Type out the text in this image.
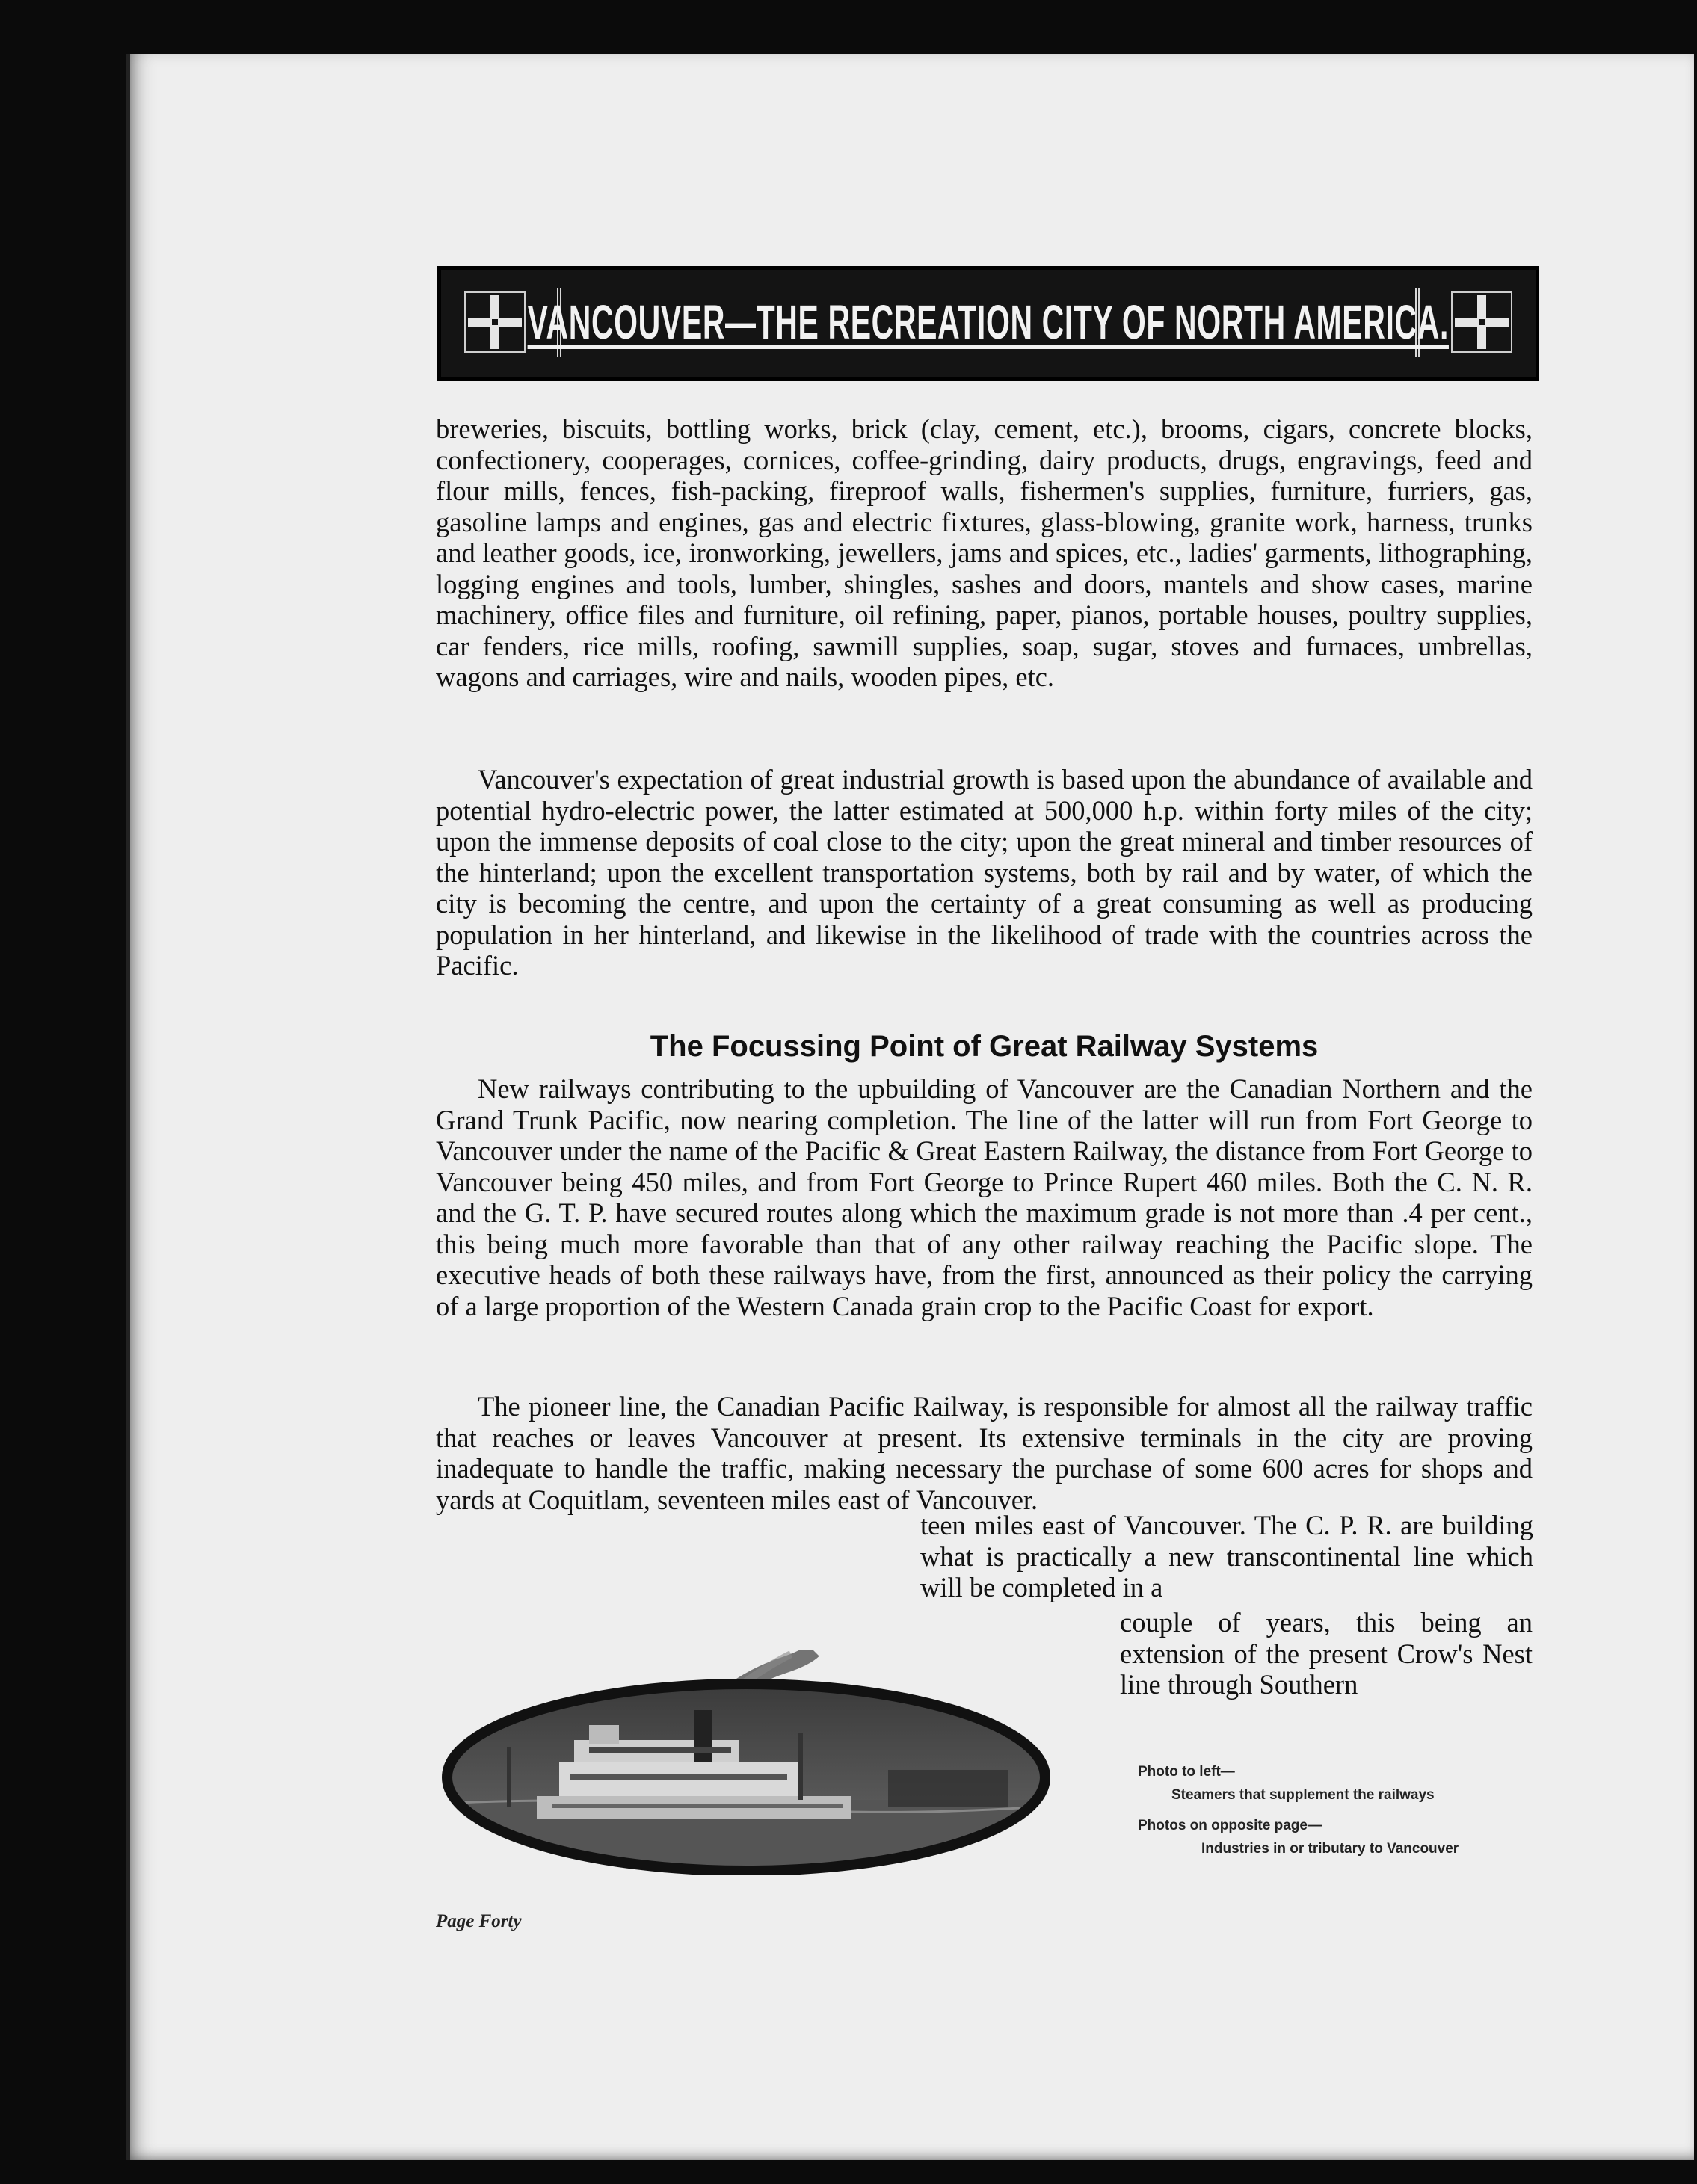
VANCOUVER—THE RECREATION CITY OF NORTH AMERICA.

breweries, biscuits, bottling works, brick (clay, cement, etc.), brooms, cigars, concrete blocks, confectionery, cooperages, cornices, coffee-grinding, dairy products, drugs, engravings, feed and flour mills, fences, fish-packing, fireproof walls, fishermen's supplies, furniture, furriers, gas, gasoline lamps and engines, gas and electric fixtures, glass-blowing, granite work, harness, trunks and leather goods, ice, ironworking, jewellers, jams and spices, etc., ladies' garments, lithographing, logging engines and tools, lumber, shingles, sashes and doors, mantels and show cases, marine machinery, office files and furniture, oil refining, paper, pianos, portable houses, poultry supplies, car fenders, rice mills, roofing, sawmill supplies, soap, sugar, stoves and furnaces, umbrellas, wagons and carriages, wire and nails, wooden pipes, etc.

Vancouver's expectation of great industrial growth is based upon the abundance of available and potential hydro-electric power, the latter estimated at 500,000 h.p. within forty miles of the city; upon the immense deposits of coal close to the city; upon the great mineral and timber resources of the hinterland; upon the excellent transportation systems, both by rail and by water, of which the city is becoming the centre, and upon the certainty of a great consuming as well as producing population in her hinterland, and likewise in the likelihood of trade with the countries across the Pacific.

The Focussing Point of Great Railway Systems

New railways contributing to the upbuilding of Vancouver are the Canadian Northern and the Grand Trunk Pacific, now nearing completion. The line of the latter will run from Fort George to Vancouver under the name of the Pacific & Great Eastern Railway, the distance from Fort George to Vancouver being 450 miles, and from Fort George to Prince Rupert 460 miles. Both the C. N. R. and the G. T. P. have secured routes along which the maximum grade is not more than .4 per cent., this being much more favorable than that of any other railway reaching the Pacific slope. The executive heads of both these railways have, from the first, announced as their policy the carrying of a large proportion of the Western Canada grain crop to the Pacific Coast for export.

The pioneer line, the Canadian Pacific Railway, is responsible for almost all the railway traffic that reaches or leaves Vancouver at present. Its extensive terminals in the city are proving inadequate to handle the traffic, making necessary the purchase of some 600 acres for shops and yards at Coquitlam, seventeen miles east of Vancouver.

teen miles east of Vancouver. The C. P. R. are building what is practically a new transcontinental line which will be completed in a

couple of years, this being an extension of the present Crow's Nest line through Southern

Photo to left—

Steamers that supplement the railways

Photos on opposite page—

Industries in or tributary to Vancouver

Page Forty
